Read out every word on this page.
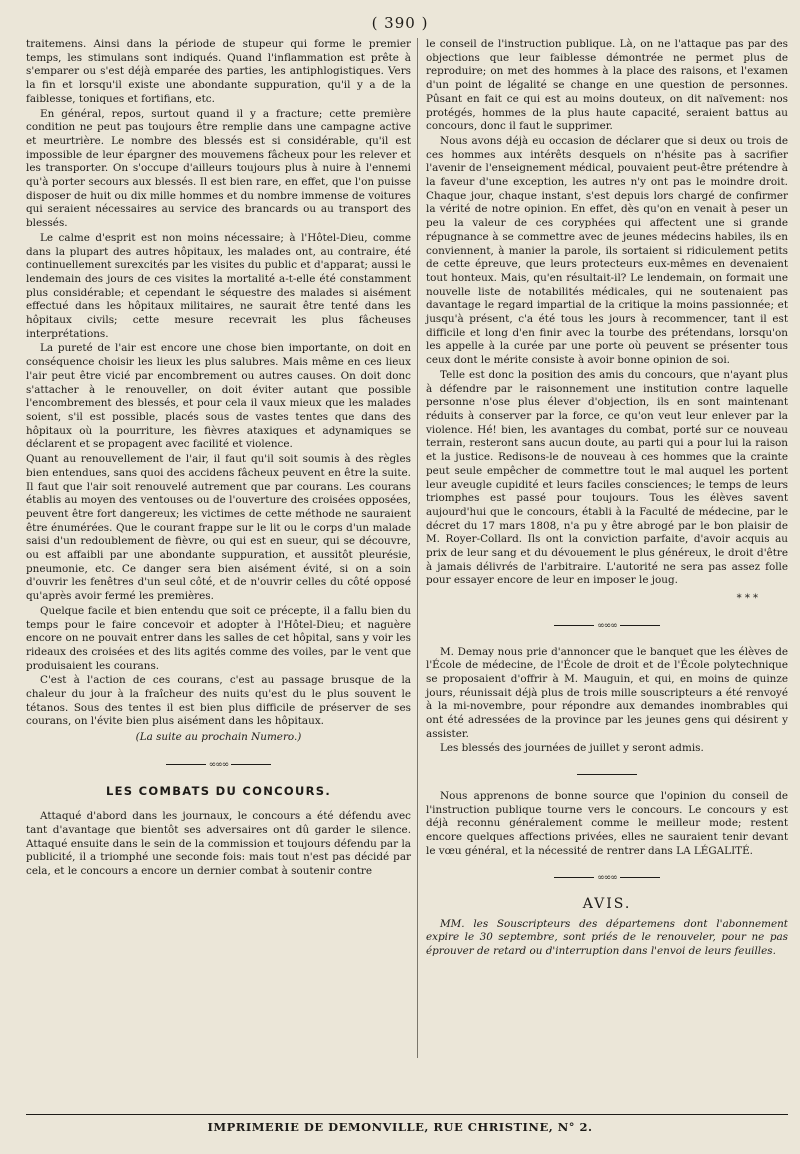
( 390 )

traitemens. Ainsi dans la période de stupeur qui forme le premier temps, les stimulans sont indiqués. Quand l'inflammation est prête à s'emparer ou s'est déjà emparée des parties, les antiphlogistiques. Vers la fin et lorsqu'il existe une abondante suppuration, qu'il y a de la faiblesse, toniques et fortifians, etc.

En général, repos, surtout quand il y a fracture; cette première condition ne peut pas toujours être remplie dans une campagne active et meurtrière. Le nombre des blessés est si considérable, qu'il est impossible de leur épargner des mouvemens fâcheux pour les relever et les transporter. On s'occupe d'ailleurs toujours plus à nuire à l'ennemi qu'à porter secours aux blessés. Il est bien rare, en effet, que l'on puisse disposer de huit ou dix mille hommes et du nombre immense de voitures qui seraient nécessaires au service des brancards ou au transport des blessés.

Le calme d'esprit est non moins nécessaire; à l'Hôtel-Dieu, comme dans la plupart des autres hôpitaux, les malades ont, au contraire, été continuellement surexcités par les visites du public et d'apparat; aussi le lendemain des jours de ces visites la mortalité a-t-elle été constamment plus considérable; et cependant le séquestre des malades si aisément effectué dans les hôpitaux militaires, ne saurait être tenté dans les hôpitaux civils; cette mesure recevrait les plus fâcheuses interprétations.

La pureté de l'air est encore une chose bien importante, on doit en conséquence choisir les lieux les plus salubres. Mais même en ces lieux l'air peut être vicié par encombrement ou autres causes. On doit donc s'attacher à le renouveller, on doit éviter autant que possible l'encombrement des blessés, et pour cela il vaux mieux que les malades soient, s'il est possible, placés sous de vastes tentes que dans des hôpitaux où la pourriture, les fièvres ataxiques et adynamiques se déclarent et se propagent avec facilité et violence.

Quant au renouvellement de l'air, il faut qu'il soit soumis à des règles bien entendues, sans quoi des accidens fâcheux peuvent en être la suite. Il faut que l'air soit renouvelé autrement que par courans. Les courans établis au moyen des ventouses ou de l'ouverture des croisées opposées, peuvent être fort dangereux; les victimes de cette méthode ne sauraient être énumérées. Que le courant frappe sur le lit ou le corps d'un malade saisi d'un redoublement de fièvre, ou qui est en sueur, qui se découvre, ou est affaibli par une abondante suppuration, et aussitôt pleurésie, pneumonie, etc. Ce danger sera bien aisément évité, si on a soin d'ouvrir les fenêtres d'un seul côté, et de n'ouvrir celles du côté opposé qu'après avoir fermé les premières.

Quelque facile et bien entendu que soit ce précepte, il a fallu bien du temps pour le faire concevoir et adopter à l'Hôtel-Dieu; et naguère encore on ne pouvait entrer dans les salles de cet hôpital, sans y voir les rideaux des croisées et des lits agités comme des voiles, par le vent que produisaient les courans.

C'est à l'action de ces courans, c'est au passage brusque de la chaleur du jour à la fraîcheur des nuits qu'est du le plus souvent le tétanos. Sous des tentes il est bien plus difficile de préserver de ses courans, on l'évite bien plus aisément dans les hôpitaux.

(La suite au prochain Numero.)

∞∞∞

LES COMBATS DU CONCOURS.

Attaqué d'abord dans les journaux, le concours a été défendu avec tant d'avantage que bientôt ses adversaires ont dû garder le silence. Attaqué ensuite dans le sein de la commission et toujours défendu par la publicité, il a triomphé une seconde fois: mais tout n'est pas décidé par cela, et le concours a encore un dernier combat à soutenir contre

le conseil de l'instruction publique. Là, on ne l'attaque pas par des objections que leur faiblesse démontrée ne permet plus de reproduire; on met des hommes à la place des raisons, et l'examen d'un point de légalité se change en une question de personnes. Pûsant en fait ce qui est au moins douteux, on dit naïvement: nos protégés, hommes de la plus haute capacité, seraient battus au concours, donc il faut le supprimer.

Nous avons déjà eu occasion de déclarer que si deux ou trois de ces hommes aux intérêts desquels on n'hésite pas à sacrifier l'avenir de l'enseignement médical, pouvaient peut-être prétendre à la faveur d'une exception, les autres n'y ont pas le moindre droit. Chaque jour, chaque instant, s'est depuis lors chargé de confirmer la vérité de notre opinion. En effet, dès qu'on en venait à peser un peu la valeur de ces coryphées qui affectent une si grande répugnance à se commettre avec de jeunes médecins habiles, ils en conviennent, à manier la parole, ils sortaient si ridiculement petits de cette épreuve, que leurs protecteurs eux-mêmes en devenaient tout honteux. Mais, qu'en résultait-il? Le lendemain, on formait une nouvelle liste de notabilités médicales, qui ne soutenaient pas davantage le regard impartial de la critique la moins passionnée; et jusqu'à présent, c'a été tous les jours à recommencer, tant il est difficile et long d'en finir avec la tourbe des prétendans, lorsqu'on les appelle à la curée par une porte où peuvent se présenter tous ceux dont le mérite consiste à avoir bonne opinion de soi.

Telle est donc la position des amis du concours, que n'ayant plus à défendre par le raisonnement une institution contre laquelle personne n'ose plus élever d'objection, ils en sont maintenant réduits à conserver par la force, ce qu'on veut leur enlever par la violence. Hé! bien, les avantages du combat, porté sur ce nouveau terrain, resteront sans aucun doute, au parti qui a pour lui la raison et la justice. Redisons-le de nouveau à ces hommes que la crainte peut seule empêcher de commettre tout le mal auquel les portent leur aveugle cupidité et leurs faciles consciences; le temps de leurs triomphes est passé pour toujours. Tous les élèves savent aujourd'hui que le concours, établi à la Faculté de médecine, par le décret du 17 mars 1808, n'a pu y être abrogé par le bon plaisir de M. Royer-Collard. Ils ont la conviction parfaite, d'avoir acquis au prix de leur sang et du dévouement le plus généreux, le droit d'être à jamais délivrés de l'arbitraire. L'autorité ne sera pas assez folle pour essayer encore de leur en imposer le joug.

* * *

∞∞∞

M. Demay nous prie d'annoncer que le banquet que les élèves de l'École de médecine, de l'École de droit et de l'École polytechnique se proposaient d'offrir à M. Mauguin, et qui, en moins de quinze jours, réunissait déjà plus de trois mille souscripteurs a été renvoyé à la mi-novembre, pour répondre aux demandes inombrables qui ont été adressées de la province par les jeunes gens qui désirent y assister.

Les blessés des journées de juillet y seront admis.

Nous apprenons de bonne source que l'opinion du conseil de l'instruction publique tourne vers le concours. Le concours y est déjà reconnu généralement comme le meilleur mode; restent encore quelques affections privées, elles ne sauraient tenir devant le vœu général, et la nécessité de rentrer dans LA LÉGALITÉ.

∞∞∞

AVIS.

MM. les Souscripteurs des départemens dont l'abonnement expire le 30 septembre, sont priés de le renouveler, pour ne pas éprouver de retard ou d'interruption dans l'envoi de leurs feuilles.

IMPRIMERIE DE DEMONVILLE, RUE CHRISTINE, N° 2.
